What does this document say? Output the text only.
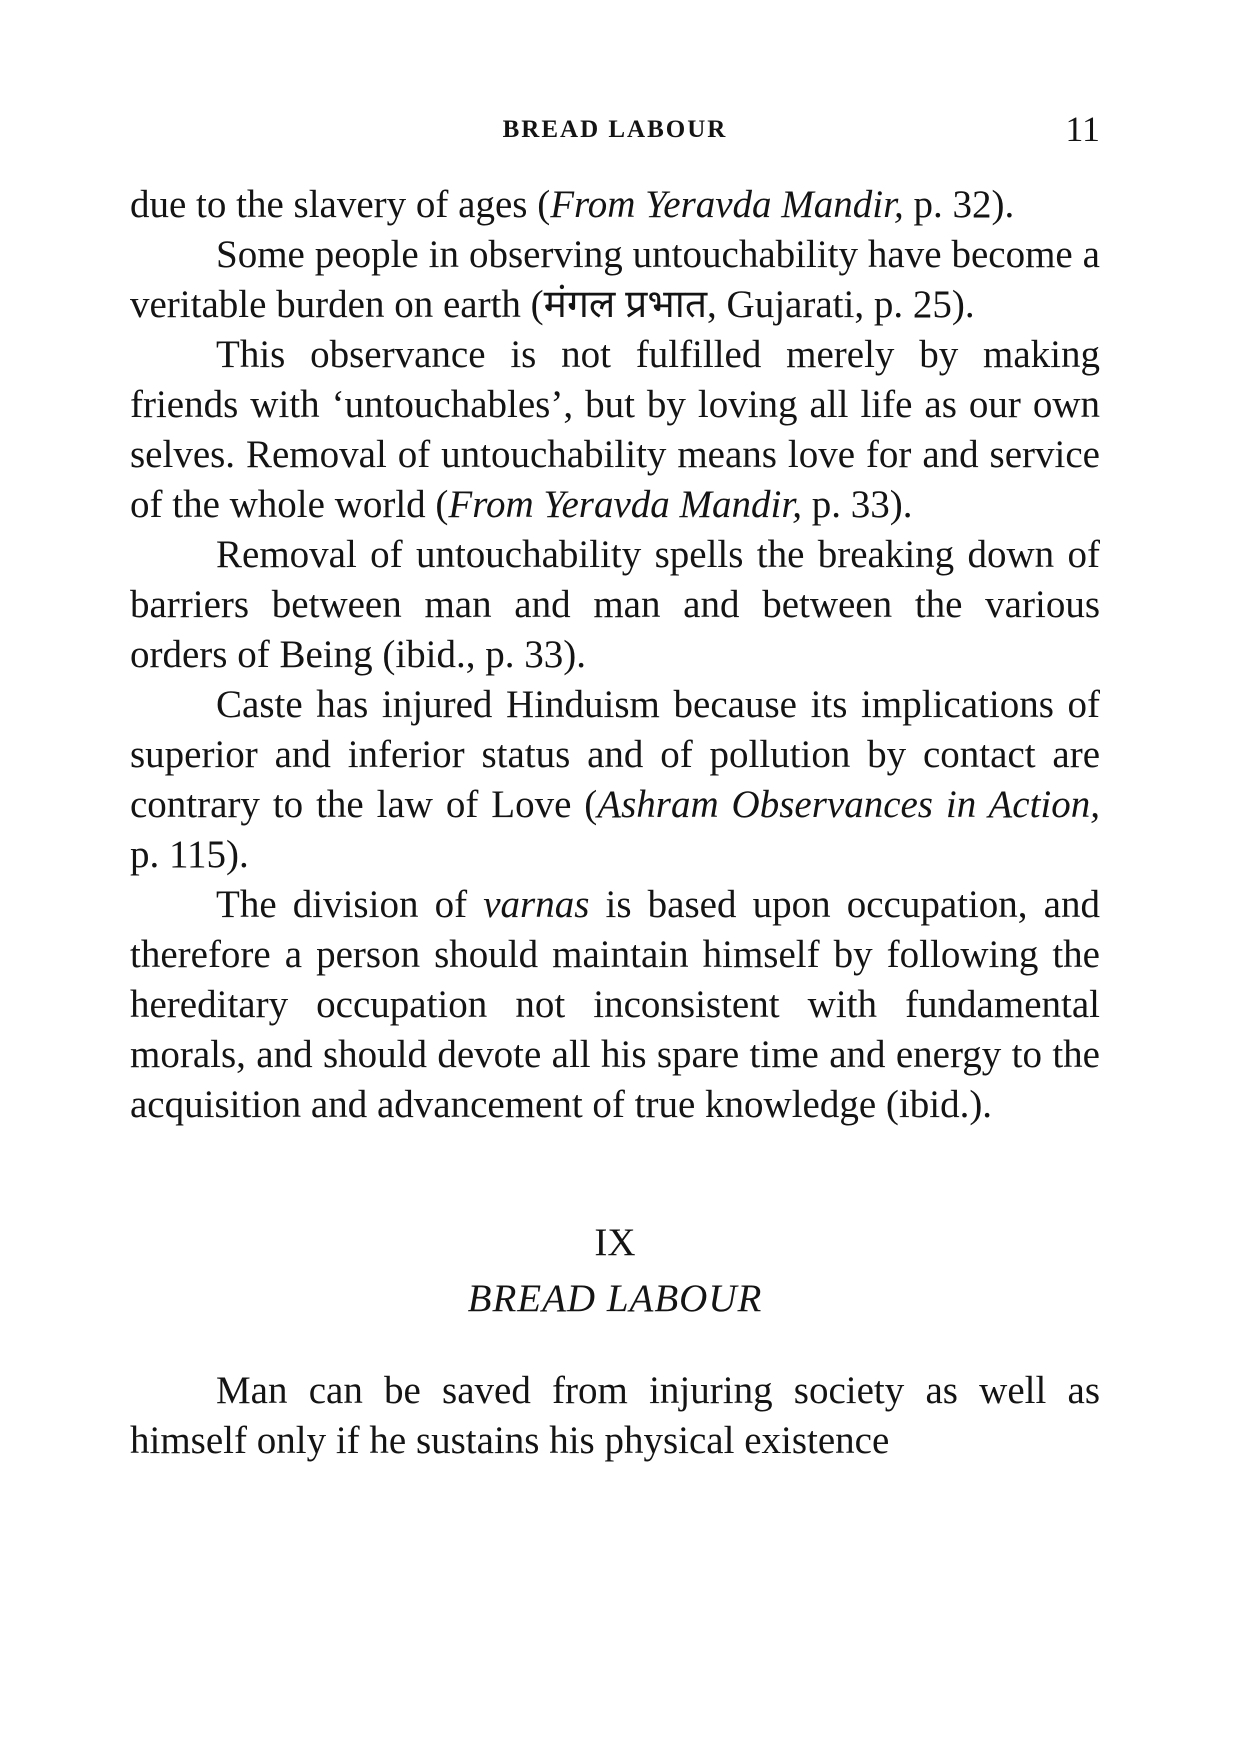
BREAD LABOUR	11

due to the slavery of ages (From Yeravda Mandir, p. 32).

Some people in observing untouchability have become a veritable burden on earth (मंगल प्रभात, Gujarati, p. 25).

This observance is not fulfilled merely by making friends with ‘untouchables’, but by loving all life as our own selves. Removal of untouchability means love for and service of the whole world (From Yeravda Mandir, p. 33).

Removal of untouchability spells the breaking down of barriers between man and man and between the various orders of Being (ibid., p. 33).

Caste has injured Hinduism because its implications of superior and inferior status and of pollution by contact are contrary to the law of Love (Ashram Observances in Action, p. 115).

The division of varnas is based upon occupation, and therefore a person should maintain himself by following the hereditary occupation not inconsistent with fundamental morals, and should devote all his spare time and energy to the acquisition and advancement of true knowledge (ibid.).

IX
BREAD LABOUR

Man can be saved from injuring society as well as himself only if he sustains his physical existence
